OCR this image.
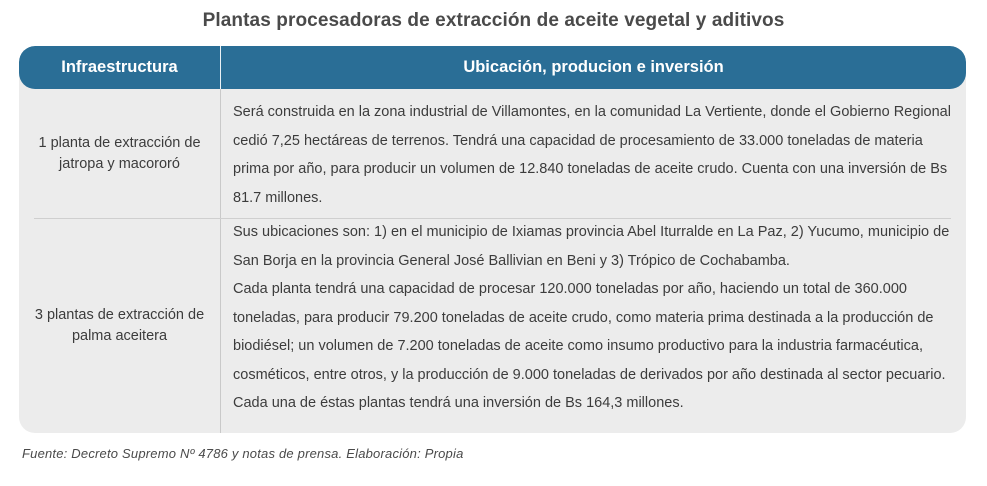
Plantas procesadoras de extracción de aceite vegetal y aditivos
Infraestructura	Ubicación, producion e inversión
1 planta de extracción de jatropa y macororó

Será construida en la zona industrial de Villamontes, en la comunidad La Vertiente, donde el Gobierno Regional cedió 7,25 hectáreas de terrenos. Tendrá una capacidad de procesamiento de 33.000 toneladas de materia prima por año, para producir un volumen de 12.840 toneladas de aceite crudo. Cuenta con una inversión de Bs 81.7 millones.

3 plantas de extracción de palma aceitera

Sus ubicaciones son: 1) en el municipio de Ixiamas provincia Abel Iturralde en La Paz, 2) Yucumo, municipio de San Borja en la provincia General José Ballivian en Beni y 3) Trópico de Cochabamba.

Cada planta tendrá una capacidad de procesar 120.000 toneladas por año, haciendo un total de 360.000 toneladas, para producir 79.200 toneladas de aceite crudo, como materia prima destinada a la producción de biodiésel; un volumen de 7.200 toneladas de aceite como insumo productivo para la industria farmacéutica, cosméticos, entre otros, y la producción de 9.000 toneladas de derivados por año destinada al sector pecuario. Cada una de éstas plantas tendrá una inversión de Bs 164,3 millones.

Fuente: Decreto Supremo Nº 4786 y notas de prensa. Elaboración: Propia
